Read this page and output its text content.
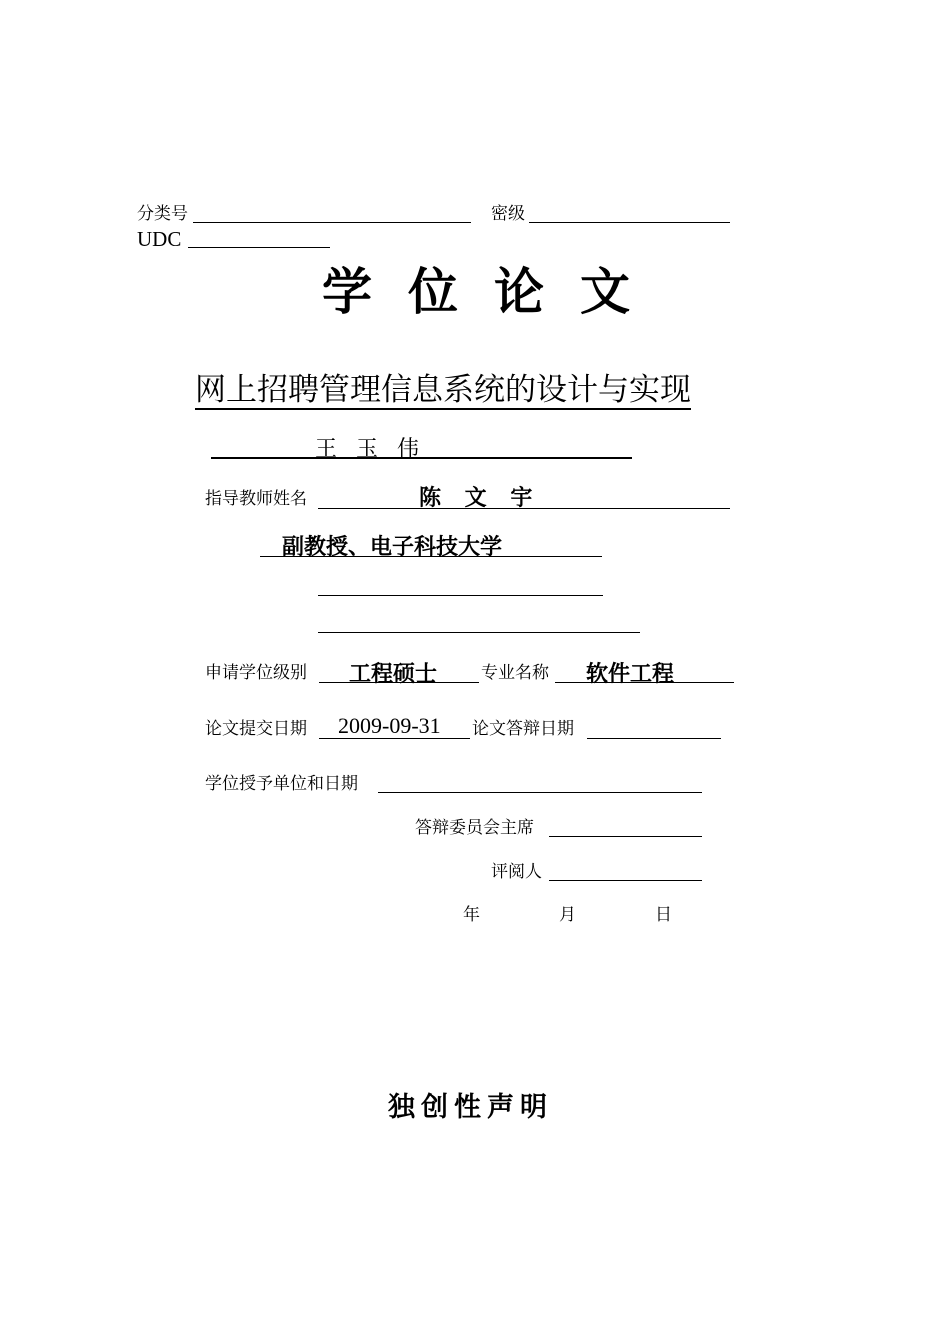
分类号	密级
UDC
学位论文
网上招聘管理信息系统的设计与实现
王 玉 伟
指导教师姓名	陈 文 宇
副教授、电子科技大学
申请学位级别 工程硕士	专业名称 软件工程
论文提交日期 2009-09-31 论文答辩日期
学位授予单位和日期
答辩委员会主席
评阅人
年	月	日
独创性声明
